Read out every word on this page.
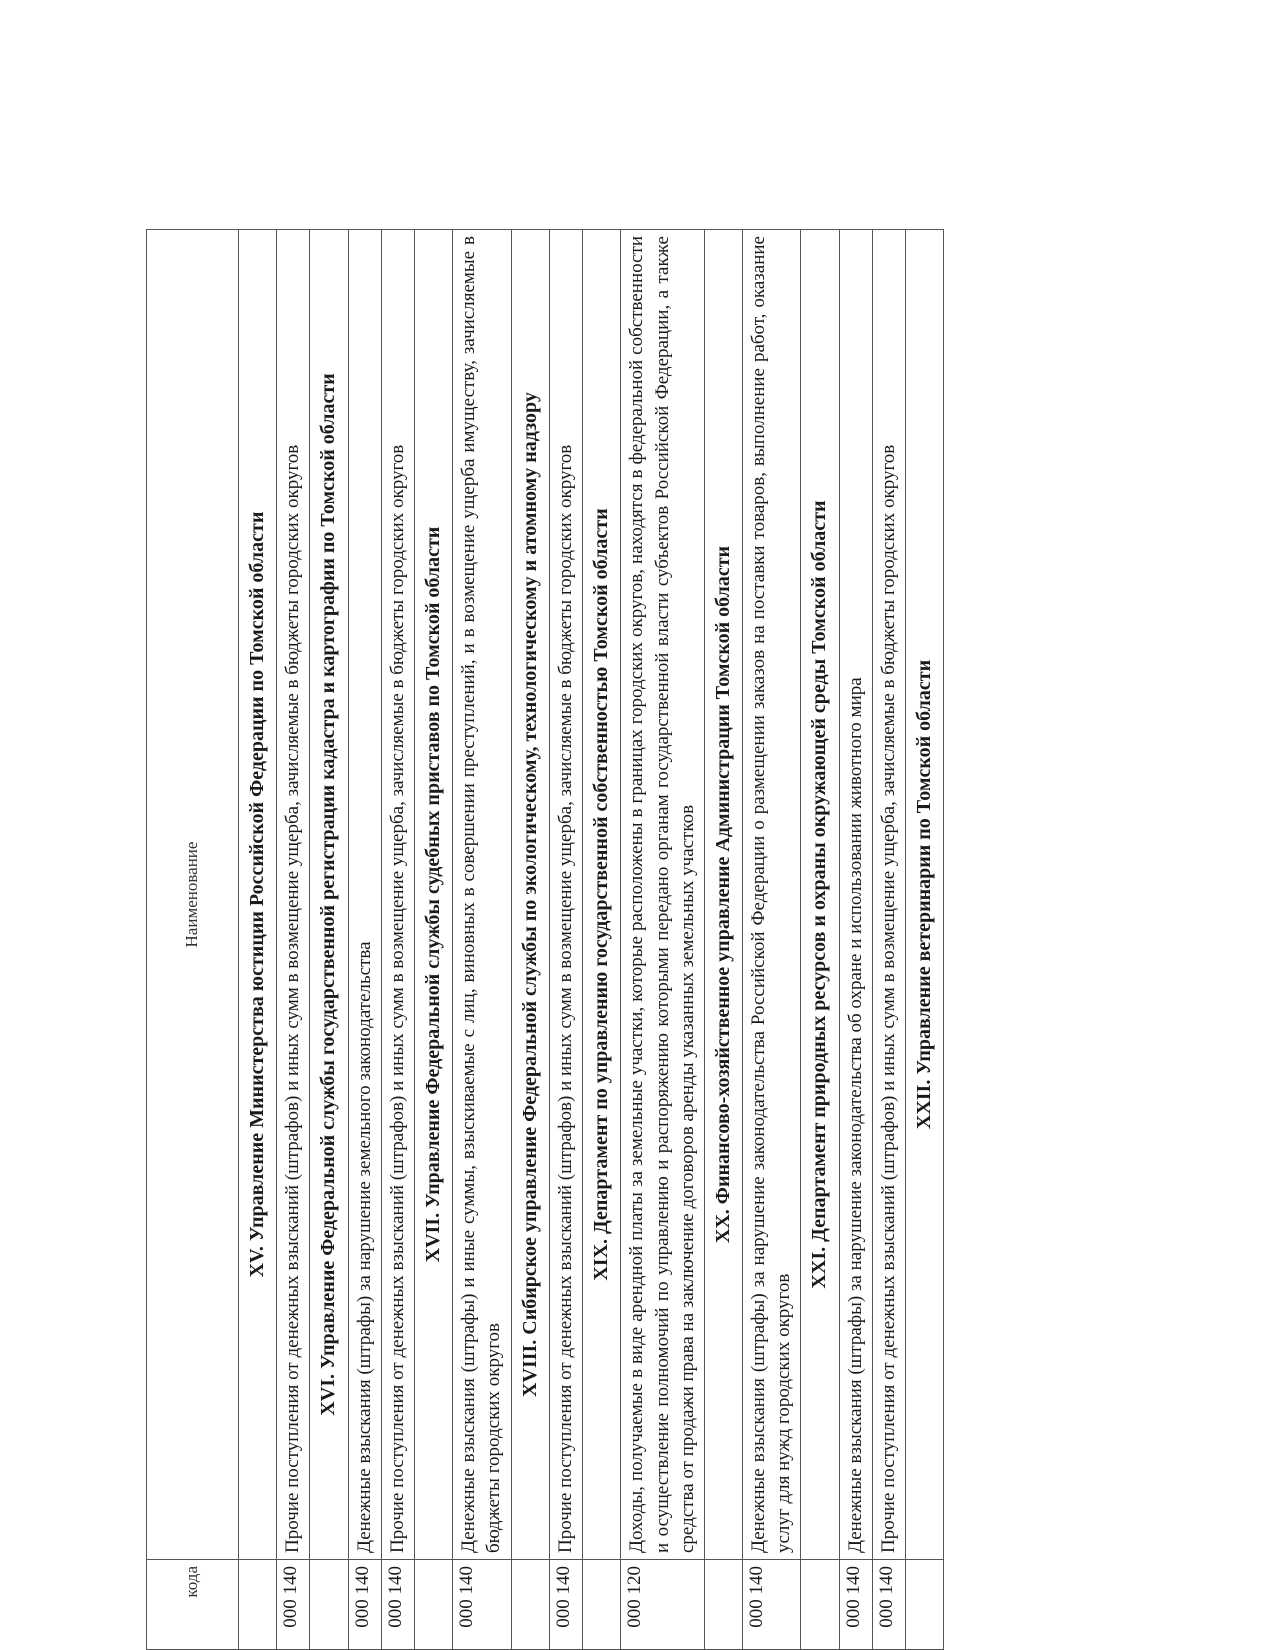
кода	Наименование
	XV. Управление Министерства юстиции Российской Федерации по Томской области
000 140	Прочие поступления от денежных взысканий (штрафов) и иных сумм в возмещение ущерба, зачисляемые в бюджеты городских округов
	XVI. Управление Федеральной службы государственной регистрации кадастра и картографии по Томской области
000 140	Денежные взыскания (штрафы) за нарушение земельного законодательства
000 140	Прочие поступления от денежных взысканий (штрафов) и иных сумм в возмещение ущерба, зачисляемые в бюджеты городских округов
	XVII. Управление Федеральной службы судебных приставов по Томской области
000 140	Денежные взыскания (штрафы) и иные суммы, взыскиваемые с лиц, виновных в совершении преступлений, и в возмещение ущерба имуществу, зачисляемые в бюджеты городских округов
	XVIII. Сибирское управление Федеральной службы по экологическому, технологическому и атомному надзору
000 140	Прочие поступления от денежных взысканий (штрафов) и иных сумм в возмещение ущерба, зачисляемые в бюджеты городских округов
	XIX. Департамент по управлению государственной собственностью Томской области
000 120	Доходы, получаемые в виде арендной платы за земельные участки, которые расположены в границах городских округов, находятся в федеральной собственности и осуществление полномочий по управлению и распоряжению которыми передано органам государственной власти субъектов Российской Федерации, а также средства от продажи права на заключение договоров аренды указанных земельных участков
	XX. Финансово-хозяйственное управление Администрации Томской области
000 140	Денежные взыскания (штрафы) за нарушение законодательства Российской Федерации о размещении заказов на поставки товаров, выполнение работ, оказание услуг для нужд городских округов
	XXI. Департамент природных ресурсов и охраны окружающей среды Томской области
000 140	Денежные взыскания (штрафы) за нарушение законодательства об охране и использовании животного мира
000 140	Прочие поступления от денежных взысканий (штрафов) и иных сумм в возмещение ущерба, зачисляемые в бюджеты городских округов
	XXII. Управление ветеринарии по Томской области
